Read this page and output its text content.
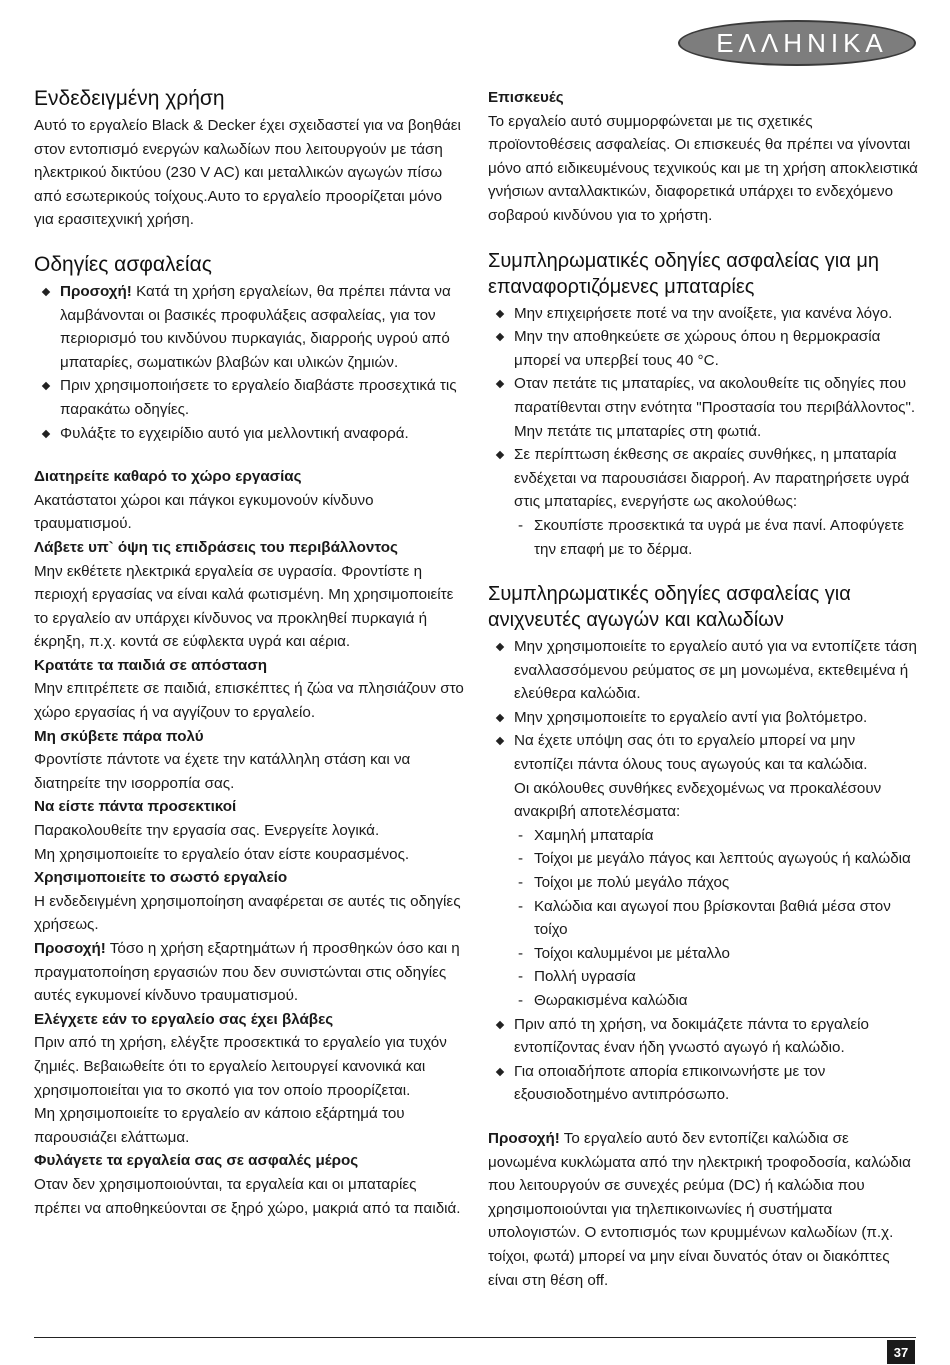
ΕΛΛΗΝΙΚΑ
Ενδεδειγμένη χρήση

Αυτό το εργαλείο Black & Decker έχει σχειδαστεί για να βοηθάει στον εντοπισμό ενεργών καλωδίων που λειτουργούν με τάση ηλεκτρικού δικτύου (230 V AC) και μεταλλικών αγωγών πίσω από εσωτερικούς τοίχους.Αυτο το εργαλείο προορίζεται μόνο για ερασιτεχνική χρήση.

Οδηγίες ασφαλείας
Προσοχή! Κατά τη χρήση εργαλείων, θα πρέπει πάντα να λαμβάνονται οι βασικές προφυλάξεις ασφαλείας, για τον περιορισμό του κινδύνου πυρκαγιάς, διαρροής υγρού από μπαταρίες, σωματικών βλαβών και υλικών ζημιών.
Πριν χρησιμοποιήσετε το εργαλείο διαβάστε προσεχτικά τις παρακάτω οδηγίες.
Φυλάξτε το εγχειρίδιο αυτό για μελλοντική αναφορά.
Διατηρείτε καθαρό το χώρο εργασίας

Ακατάστατοι χώροι και πάγκοι εγκυμονούν κίνδυνο τραυματισμού.

Λάβετε υπ` όψη τις επιδράσεις του περιβάλλοντος

Μην εκθέτετε ηλεκτρικά εργαλεία σε υγρασία. Φροντίστε η περιοχή εργασίας να είναι καλά φωτισμένη. Μη χρησιμοποιείτε το εργαλείο αν υπάρχει κίνδυνος να προκληθεί πυρκαγιά ή έκρηξη, π.χ. κοντά σε εύφλεκτα υγρά και αέρια.

Κρατάτε τα παιδιά σε απόσταση

Μην επιτρέπετε σε παιδιά, επισκέπτες ή ζώα να πλησιάζουν στο χώρο εργασίας ή να αγγίζουν το εργαλείο.

Μη σκύβετε πάρα πολύ

Φροντίστε πάντοτε να έχετε την κατάλληλη στάση και να διατηρείτε την ισορροπία σας.

Να είστε πάντα προσεκτικοί

Παρακολουθείτε την εργασία σας. Ενεργείτε λογικά.

Μη χρησιμοποιείτε το εργαλείο όταν είστε κουρασμένος.

Χρησιμοποιείτε το σωστό εργαλείο

Η ενδεδειγμένη χρησιμοποίηση αναφέρεται σε αυτές τις οδηγίες χρήσεως.

Προσοχή! Τόσο η χρήση εξαρτημάτων ή προσθηκών όσο και η πραγματοποίηση εργασιών που δεν συνιστώνται στις οδηγίες αυτές εγκυμονεί κίνδυνο τραυματισμού.

Ελέγχετε εάν το εργαλείο σας έχει βλάβες

Πριν από τη χρήση, ελέγξτε προσεκτικά το εργαλείο για τυχόν ζημιές. Βεβαιωθείτε ότι το εργαλείο λειτουργεί κανονικά και χρησιμοποιείται για το σκοπό για τον οποίο προορίζεται.

Μη χρησιμοποιείτε το εργαλείο αν κάποιο εξάρτημά του παρουσιάζει ελάττωμα.

Φυλάγετε τα εργαλεία σας σε ασφαλές μέρος

Οταν δεν χρησιμοποιούνται, τα εργαλεία και οι μπαταρίες πρέπει να αποθηκεύονται σε ξηρό χώρο, μακριά από τα παιδιά.

Επισκευές

Το εργαλείο αυτό συμμορφώνεται με τις σχετικές προϊοντοθέσεις ασφαλείας. Οι επισκευές θα πρέπει να γίνονται μόνο από ειδικευμένους τεχνικούς και με τη χρήση αποκλειστικά γνήσιων ανταλλακτικών, διαφορετικά υπάρχει το ενδεχόμενο σοβαρού κινδύνου για το χρήστη.

Συμπληρωματικές οδηγίες ασφαλείας για μη επαναφορτιζόμενες μπαταρίες
Μην επιχειρήσετε ποτέ να την ανοίξετε, για κανένα λόγο.
Μην την αποθηκεύετε σε χώρους όπου η θερμοκρασία μπορεί να υπερβεί τους 40 °C.
Οταν πετάτε τις μπαταρίες, να ακολουθείτε τις οδηγίες που παρατίθενται στην ενότητα "Προστασία του περιβάλλοντος". Μην πετάτε τις μπαταρίες στη φωτιά.
Σε περίπτωση έκθεσης σε ακραίες συνθήκες, η μπαταρία ενδέχεται να παρουσιάσει διαρροή. Αν παρατηρήσετε υγρά στις μπαταρίες, ενεργήστε ως ακολούθως:
- Σκουπίστε προσεκτικά τα υγρά με ένα πανί. Αποφύγετε την επαφή με το δέρμα.
Συμπληρωματικές οδηγίες ασφαλείας για ανιχνευτές αγωγών και καλωδίων
Μην χρησιμοποιείτε το εργαλείο αυτό για να εντοπίζετε τάση εναλλασσόμενου ρεύματος σε μη μονωμένα, εκτεθειμένα ή ελεύθερα καλώδια.
Μην χρησιμοποιείτε το εργαλείο αντί για βολτόμετρο.
Να έχετε υπόψη σας ότι το εργαλείο μπορεί να μην εντοπίζει πάντα όλους τους αγωγούς και τα καλώδια.
Οι ακόλουθες συνθήκες ενδεχομένως να προκαλέσουν ανακριβή αποτελέσματα:
- Χαμηλή μπαταρία
- Τοίχοι με μεγάλο πάγος και λεπτούς αγωγούς ή καλώδια
- Τοίχοι με πολύ μεγάλο πάχος
- Καλώδια και αγωγοί που βρίσκονται βαθιά μέσα στον τοίχο
- Τοίχοι καλυμμένοι με μέταλλο
- Πολλή υγρασία
- Θωρακισμένα καλώδια
Πριν από τη χρήση, να δοκιμάζετε πάντα το εργαλείο εντοπίζοντας έναν ήδη γνωστό αγωγό ή καλώδιο.
Για οποιαδήποτε απορία επικοινωνήστε με τον εξουσιοδοτημένο αντιπρόσωπο.

Προσοχή! Το εργαλείο αυτό δεν εντοπίζει καλώδια σε μονωμένα κυκλώματα από την ηλεκτρική τροφοδοσία, καλώδια που λειτουργούν σε συνεχές ρεύμα (DC) ή καλώδια που χρησιμοποιούνται για τηλεπικοινωνίες ή συστήματα υπολογιστών. Ο εντοπισμός των κρυμμένων καλωδίων (π.χ. τοίχοι, φωτά) μπορεί να μην είναι δυνατός όταν οι διακόπτες είναι στη θέση off.

37
